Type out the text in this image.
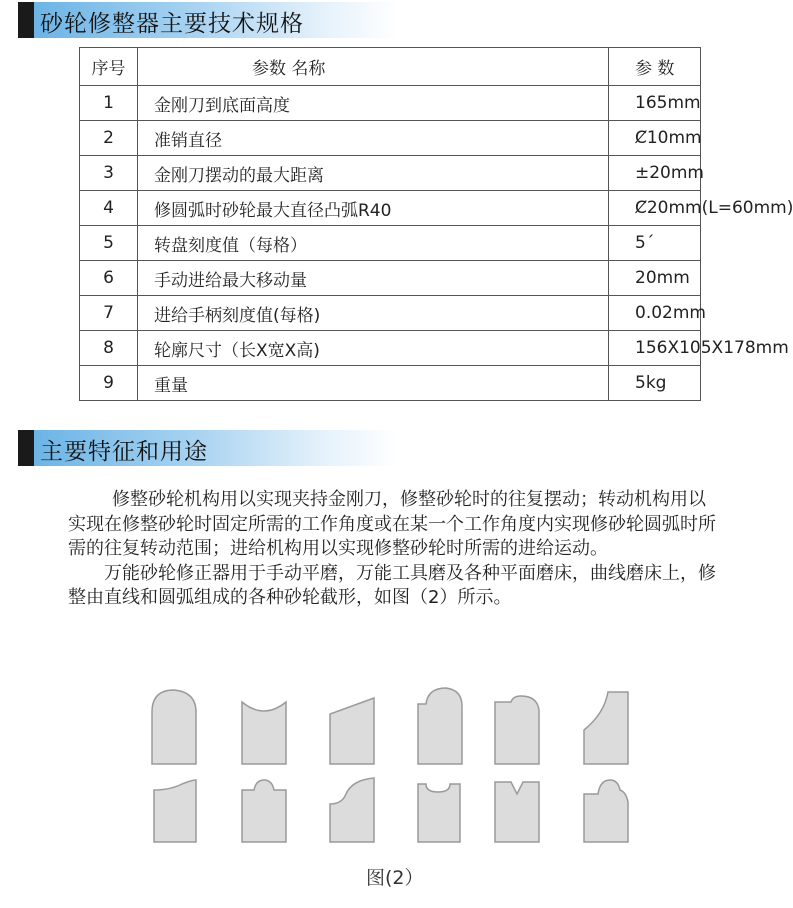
砂轮修整器主要技术规格
序号	参数 名称	参 数
1	金刚刀到底面高度	165mm
2	准销直径	Ȼ10mm
3	金刚刀摆动的最大距离	±20mm
4	修圆弧时砂轮最大直径凸弧R40	Ȼ20mm(L=60mm)
5	转盘刻度值（每格）	5´
6	手动进给最大移动量	20mm
7	进给手柄刻度值(每格)	0.02mm
8	轮廓尺寸（长X宽X高)	156X105X178mm
9	重量	5kg
主要特征和用途

修整砂轮机构用以实现夹持金刚刀，修整砂轮时的往复摆动；转动机构用以实现在修整砂轮时固定所需的工作角度或在某一个工作角度内实现修砂轮圆弧时所需的往复转动范围；进给机构用以实现修整砂轮时所需的进给运动。

万能砂轮修正器用于手动平磨，万能工具磨及各种平面磨床，曲线磨床上，修整由直线和圆弧组成的各种砂轮截形，如图（2）所示。

图(2）
